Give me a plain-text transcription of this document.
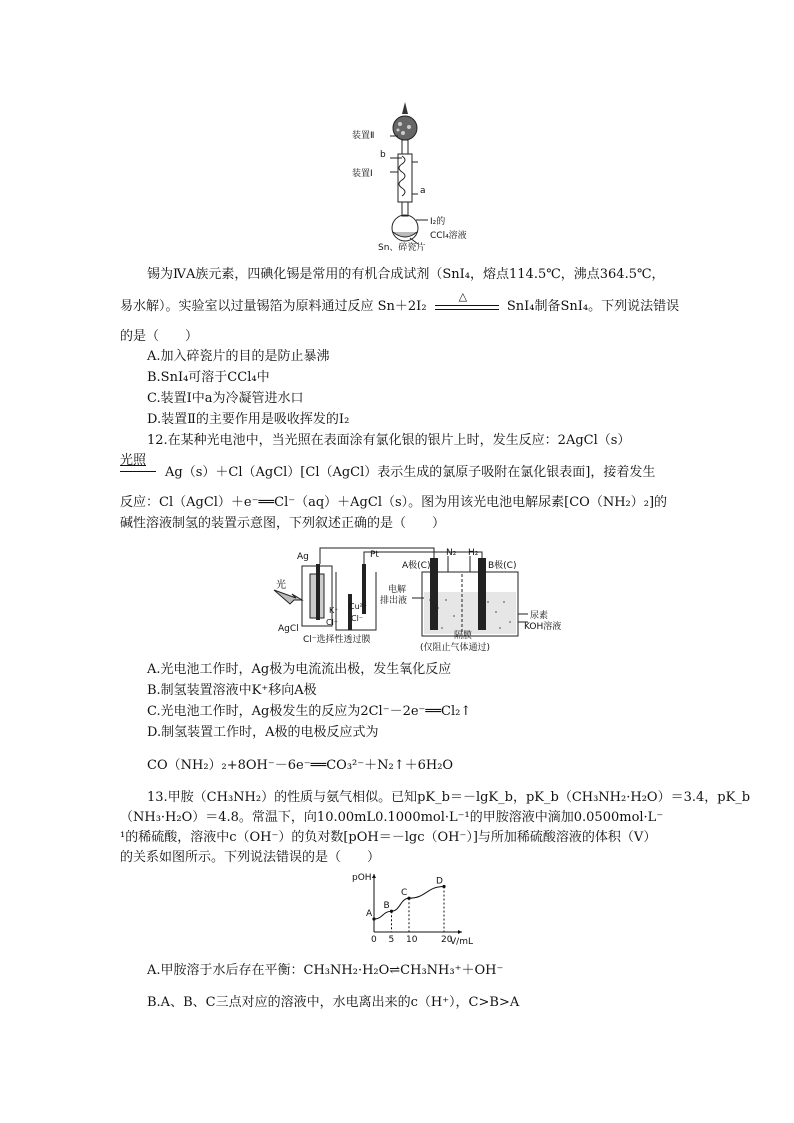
装置Ⅱ
b
装置Ⅰ
a
I₂的
CCl₄溶液
Sn、碎瓷片
锡为ⅣA族元素，四碘化锡是常用的有机合成试剂（SnI₄，熔点114.5℃，沸点364.5℃，
易水解）。实验室以过量锡箔为原料通过反应 Sn＋2I₂
△
SnI₄制备SnI₄。下列说法错误
的是（　　）
A.加入碎瓷片的目的是防止暴沸
B.SnI₄可溶于CCl₄中
C.装置Ⅰ中a为冷凝管进水口
D.装置Ⅱ的主要作用是吸收挥发的I₂
12.在某种光电池中，当光照在表面涂有氯化银的银片上时，发生反应：2AgCl（s）
光照
Ag（s）＋Cl（AgCl）[Cl（AgCl）表示生成的氯原子吸附在氯化银表面]，接着发生
反应：Cl（AgCl）＋e⁻══Cl⁻（aq）＋AgCl（s）。图为用该光电池电解尿素[CO（NH₂）₂]的
碱性溶液制氢的装置示意图，下列叙述正确的是（　　）
Ag	Pt
光
K⁺
Cl⁻
Cu²⁺
Cl⁻
AgCl
Cl⁻选择性透过膜
A极(C)
N₂ H₂
B极(C)
电解
排出液
尿素
KOH溶液
隔膜
(仅阻止气体通过)
A.光电池工作时，Ag极为电流流出极，发生氧化反应
B.制氢装置溶液中K⁺移向A极
C.光电池工作时，Ag极发生的反应为2Cl⁻－2e⁻══Cl₂↑
D.制氢装置工作时，A极的电极反应式为
CO（NH₂）₂+8OH⁻－6e⁻══CO₃²⁻＋N₂↑＋6H₂O
13.甲胺（CH₃NH₂）的性质与氨气相似。已知pK_b＝－lgK_b，pK_b（CH₃NH₂·H₂O）＝3.4，pK_b
（NH₃·H₂O）＝4.8。常温下，向10.00mL0.1000mol·L⁻¹的甲胺溶液中滴加0.0500mol·L⁻
¹的稀硫酸，溶液中c（OH⁻）的负对数[pOH＝－lgc（OH⁻）]与所加稀硫酸溶液的体积（V）
的关系如图所示。下列说法错误的是（　　）
pOH
V/mL
A
B
C
D
0 5 10	20
A.甲胺溶于水后存在平衡：CH₃NH₂·H₂O⇌CH₃NH₃⁺＋OH⁻
B.A、B、C三点对应的溶液中，水电离出来的c（H⁺），C>B>A
